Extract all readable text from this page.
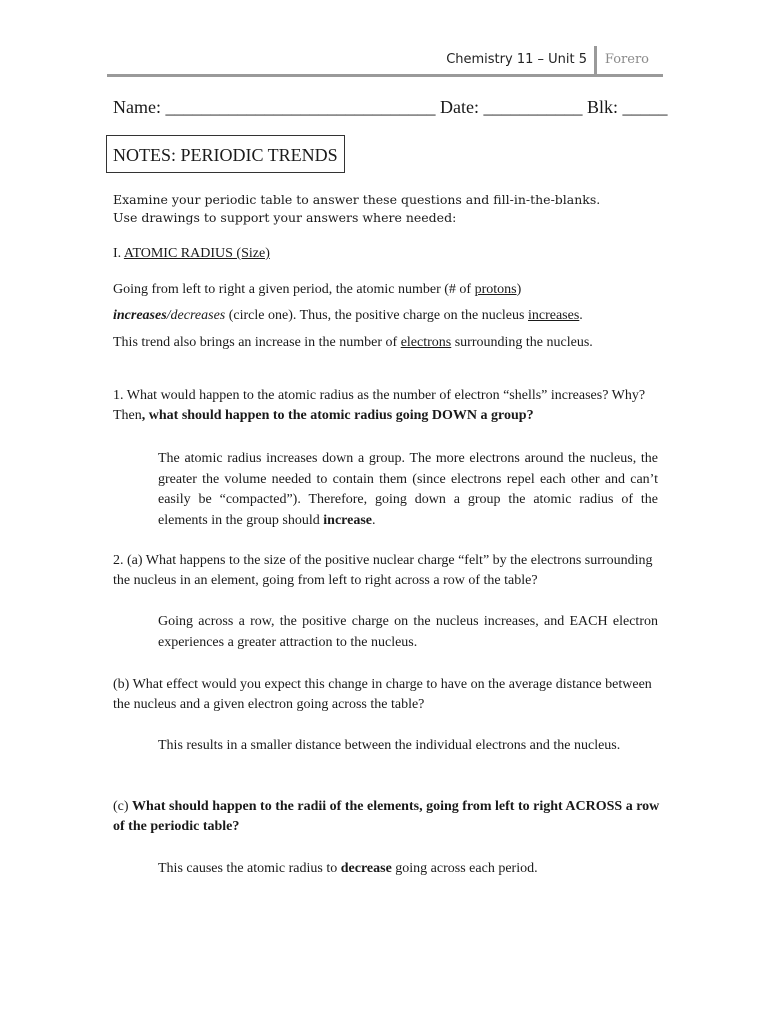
Chemistry 11 – Unit 5 Forero
Name: ______________________________ Date: ___________ Blk: _____
NOTES: PERIODIC TRENDS
Examine your periodic table to answer these questions and fill-in-the-blanks. Use drawings to support your answers where needed:
I. ATOMIC RADIUS (Size)
Going from left to right a given period, the atomic number (# of protons)
increases/decreases (circle one). Thus, the positive charge on the nucleus increases.
This trend also brings an increase in the number of electrons surrounding the nucleus.
1. What would happen to the atomic radius as the number of electron “shells” increases? Why? Then, what should happen to the atomic radius going DOWN a group?
The atomic radius increases down a group. The more electrons around the nucleus, the greater the volume needed to contain them (since electrons repel each other and can’t easily be “compacted”). Therefore, going down a group the atomic radius of the elements in the group should increase.
2. (a) What happens to the size of the positive nuclear charge “felt” by the electrons surrounding the nucleus in an element, going from left to right across a row of the table?
Going across a row, the positive charge on the nucleus increases, and EACH electron experiences a greater attraction to the nucleus.
(b) What effect would you expect this change in charge to have on the average distance between the nucleus and a given electron going across the table?
This results in a smaller distance between the individual electrons and the nucleus.
(c) What should happen to the radii of the elements, going from left to right ACROSS a row of the periodic table?
This causes the atomic radius to decrease going across each period.
